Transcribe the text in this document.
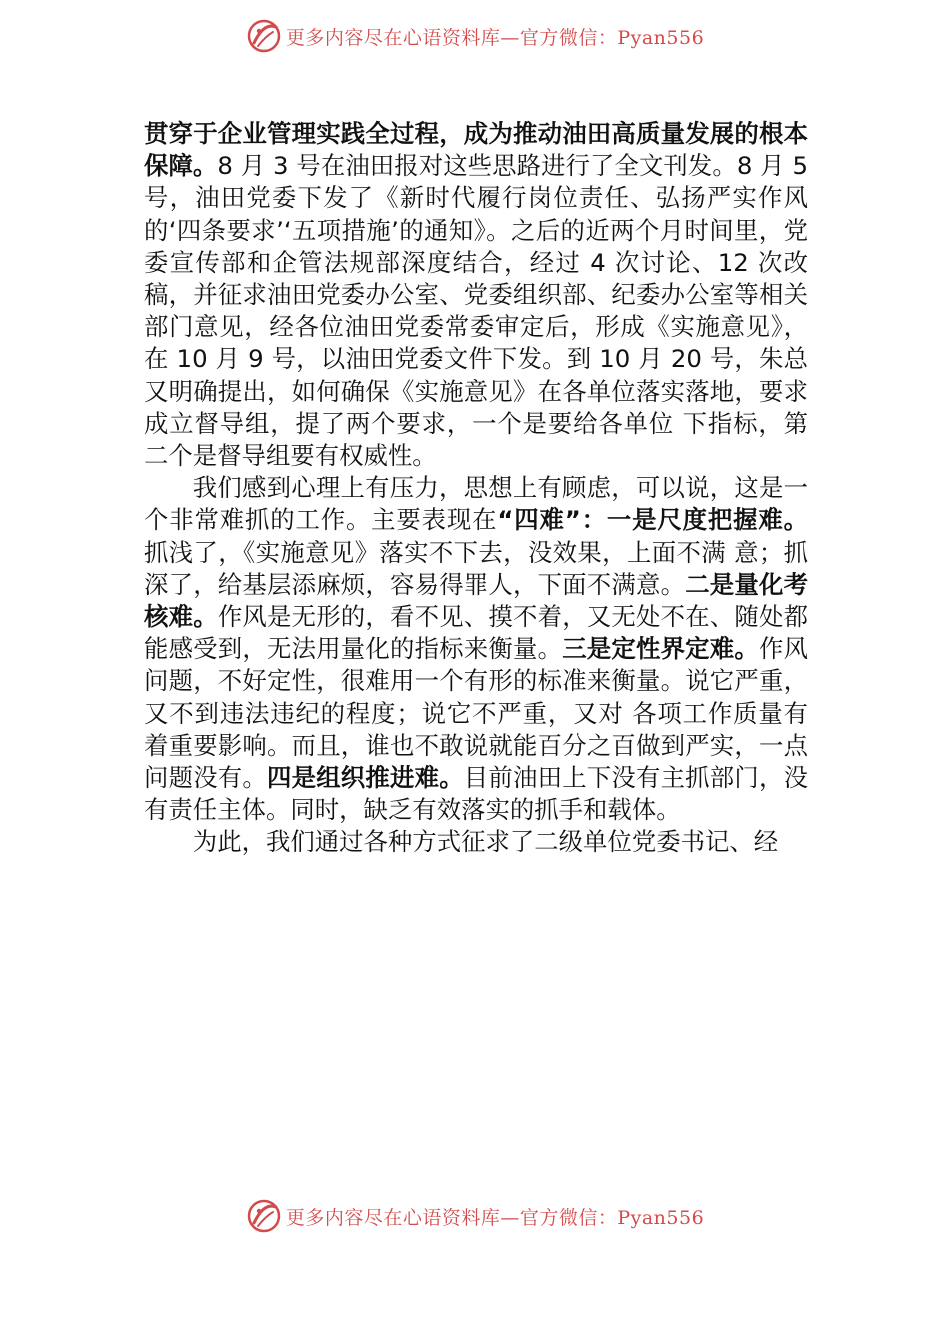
更多内容尽在心语资料库—官方微信：Pyan556

贯穿于企业管理实践全过程，成为推动油田高质量发展的根本保障。8 月 3 号在油田报对这些思路进行了全文刊发。8 月 5 号，油田党委下发了《新时代履行岗位责任、弘扬严实作风的‘四条要求’‘五项措施’的通知》。之后的近两个月时间里，党委宣传部和企管法规部深度结合，经过 4 次讨论、12 次改稿，并征求油田党委办公室、党委组织部、纪委办公室等相关部门意见，经各位油田党委常委审定后，形成《实施意见》，在 10 月 9 号，以油田党委文件下发。到 10 月 20 号，朱总又明确提出，如何确保《实施意见》在各单位落实落地，要求成立督导组，提了两个要求，一个是要给各单位 下指标，第二个是督导组要有权威性。

我们感到心理上有压力，思想上有顾虑，可以说，这是一个非常难抓的工作。主要表现在“四难”：一是尺度把握难。抓浅了，《实施意见》落实不下去，没效果，上面不满 意；抓深了，给基层添麻烦，容易得罪人，下面不满意。二是量化考核难。作风是无形的，看不见、摸不着，又无处不在、随处都能感受到，无法用量化的指标来衡量。三是定性界定难。作风问题，不好定性，很难用一个有形的标准来衡量。说它严重，又不到违法违纪的程度；说它不严重，又对 各项工作质量有着重要影响。而且，谁也不敢说就能百分之百做到严实，一点问题没有。四是组织推进难。目前油田上下没有主抓部门，没有责任主体。同时，缺乏有效落实的抓手和载体。

为此，我们通过各种方式征求了二级单位党委书记、经

更多内容尽在心语资料库—官方微信：Pyan556
